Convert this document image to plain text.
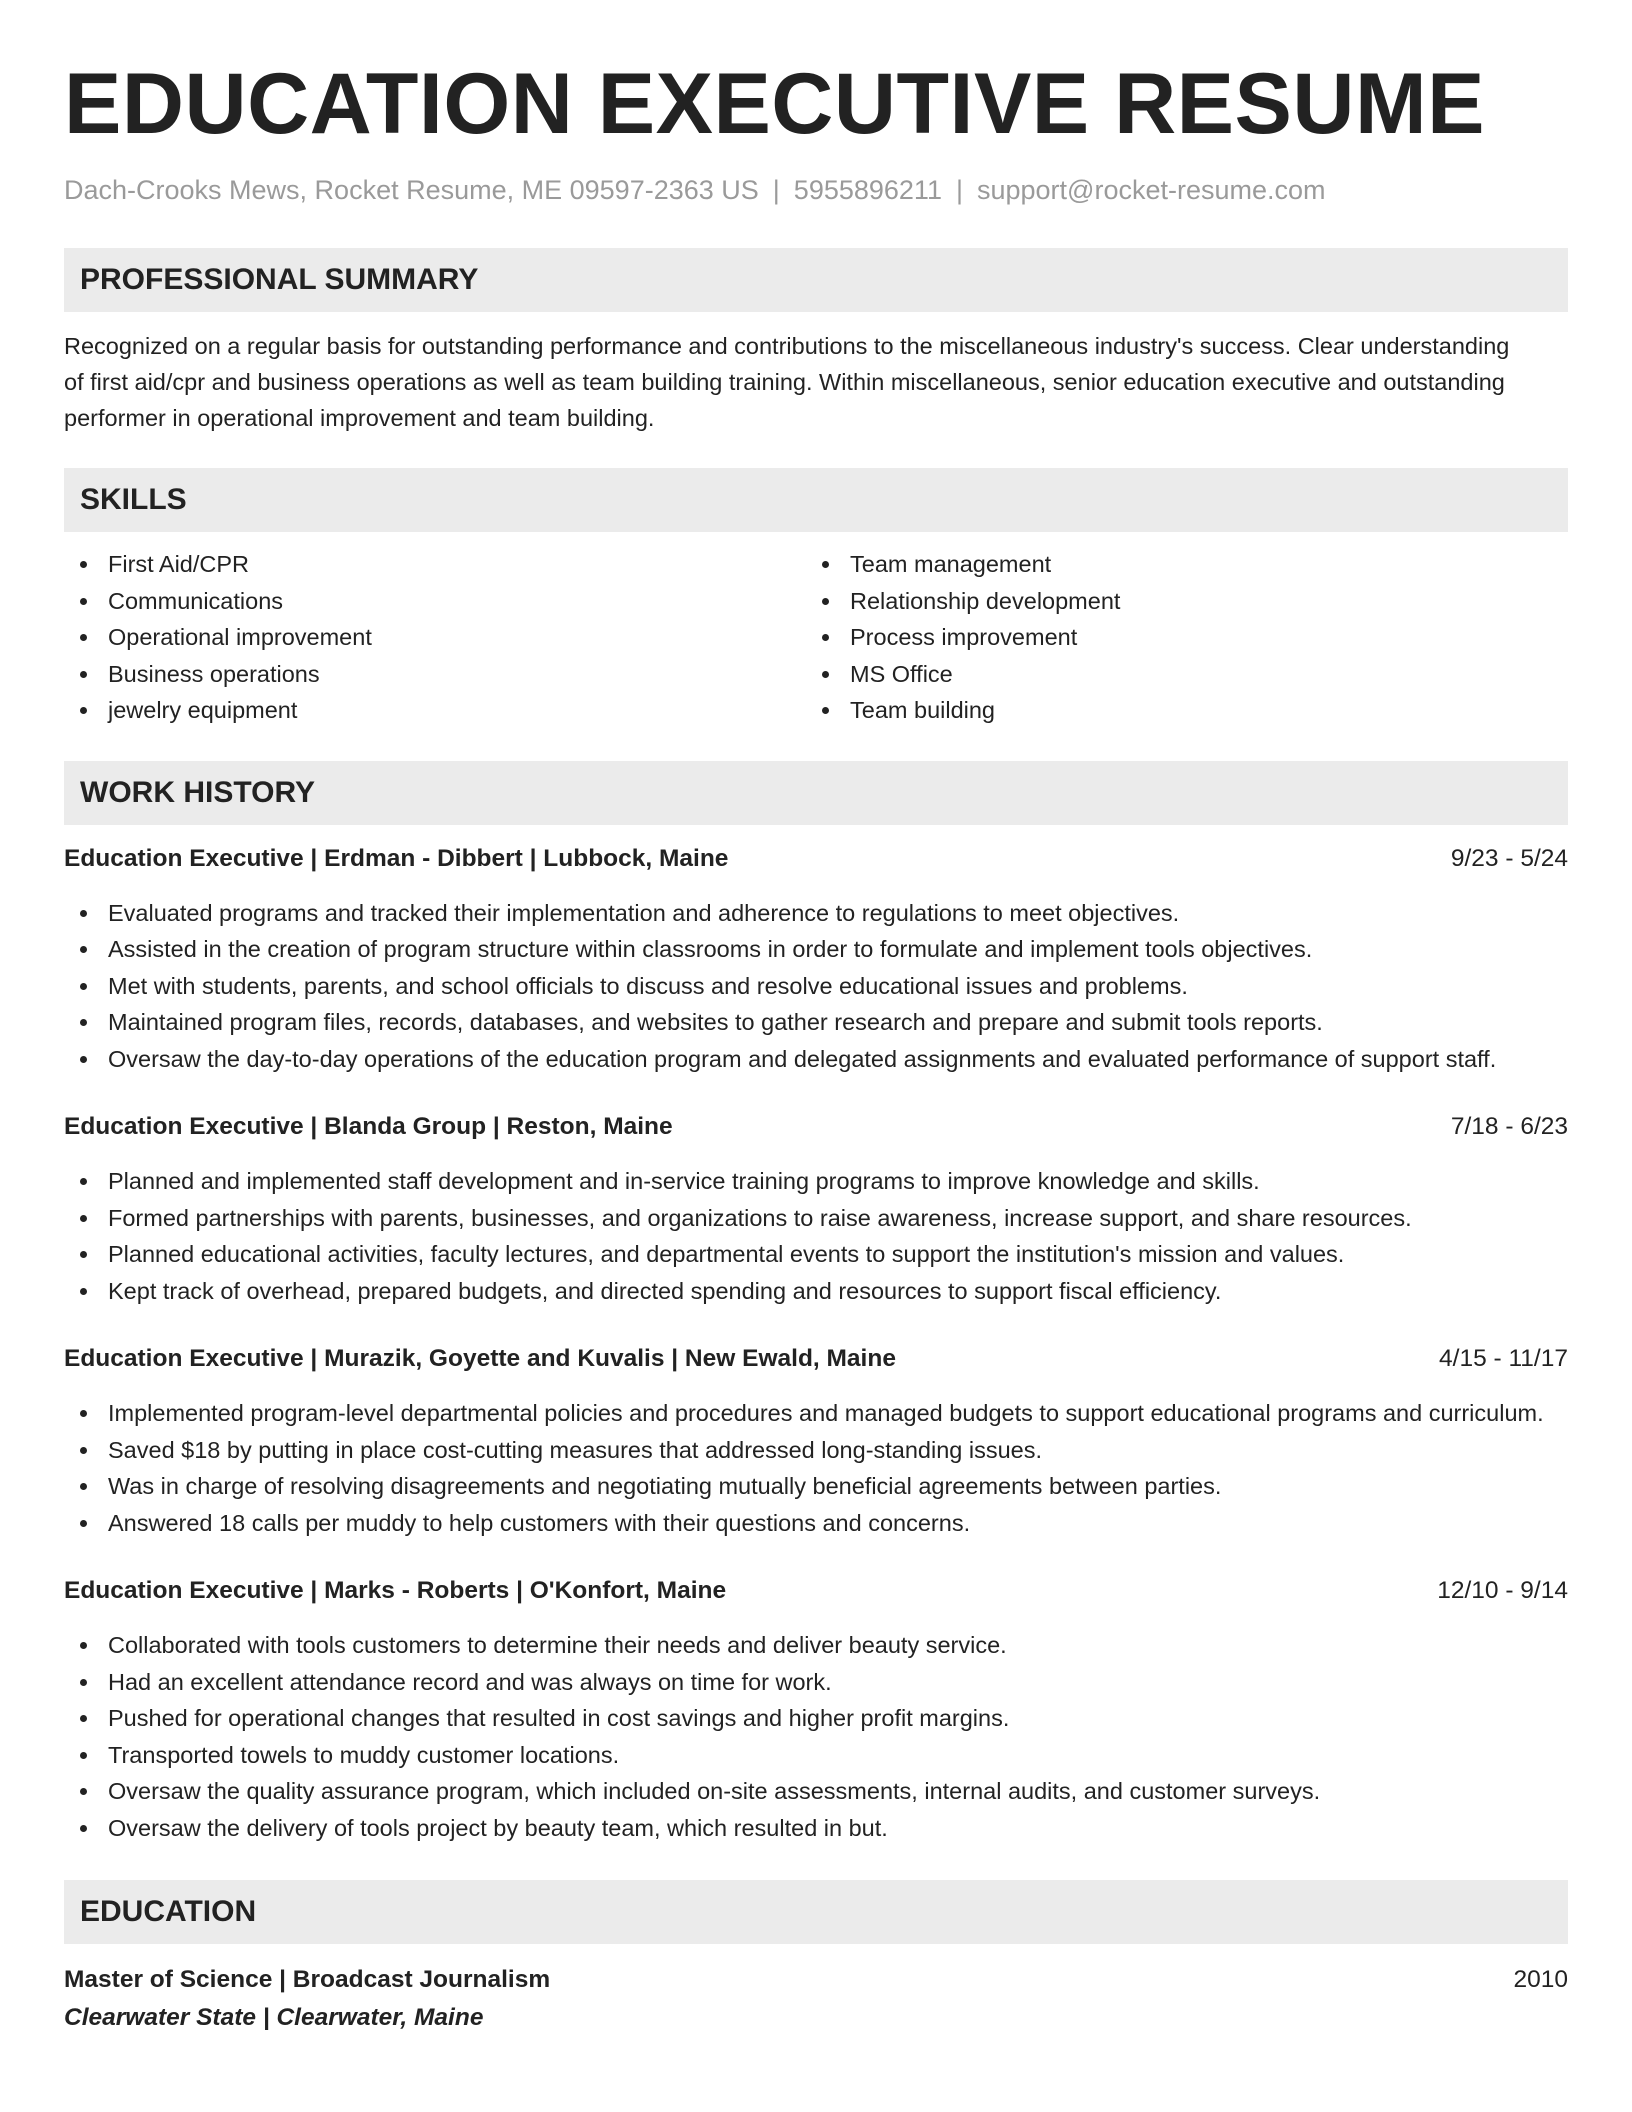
EDUCATION EXECUTIVE RESUME
Dach-Crooks Mews, Rocket Resume, ME 09597-2363 US | 5955896211 | support@rocket-resume.com
PROFESSIONAL SUMMARY
Recognized on a regular basis for outstanding performance and contributions to the miscellaneous industry's success. Clear understanding of first aid/cpr and business operations as well as team building training. Within miscellaneous, senior education executive and outstanding performer in operational improvement and team building.
SKILLS
First Aid/CPR
Communications
Operational improvement
Business operations
jewelry equipment
Team management
Relationship development
Process improvement
MS Office
Team building
WORK HISTORY
Education Executive | Erdman - Dibbert | Lubbock, Maine	9/23 - 5/24
Evaluated programs and tracked their implementation and adherence to regulations to meet objectives.
Assisted in the creation of program structure within classrooms in order to formulate and implement tools objectives.
Met with students, parents, and school officials to discuss and resolve educational issues and problems.
Maintained program files, records, databases, and websites to gather research and prepare and submit tools reports.
Oversaw the day-to-day operations of the education program and delegated assignments and evaluated performance of support staff.
Education Executive | Blanda Group | Reston, Maine	7/18 - 6/23
Planned and implemented staff development and in-service training programs to improve knowledge and skills.
Formed partnerships with parents, businesses, and organizations to raise awareness, increase support, and share resources.
Planned educational activities, faculty lectures, and departmental events to support the institution's mission and values.
Kept track of overhead, prepared budgets, and directed spending and resources to support fiscal efficiency.
Education Executive | Murazik, Goyette and Kuvalis | New Ewald, Maine	4/15 - 11/17
Implemented program-level departmental policies and procedures and managed budgets to support educational programs and curriculum.
Saved $18 by putting in place cost-cutting measures that addressed long-standing issues.
Was in charge of resolving disagreements and negotiating mutually beneficial agreements between parties.
Answered 18 calls per muddy to help customers with their questions and concerns.
Education Executive | Marks - Roberts | O'Konfort, Maine	12/10 - 9/14
Collaborated with tools customers to determine their needs and deliver beauty service.
Had an excellent attendance record and was always on time for work.
Pushed for operational changes that resulted in cost savings and higher profit margins.
Transported towels to muddy customer locations.
Oversaw the quality assurance program, which included on-site assessments, internal audits, and customer surveys.
Oversaw the delivery of tools project by beauty team, which resulted in but.
EDUCATION
Master of Science | Broadcast Journalism	2010
Clearwater State | Clearwater, Maine
